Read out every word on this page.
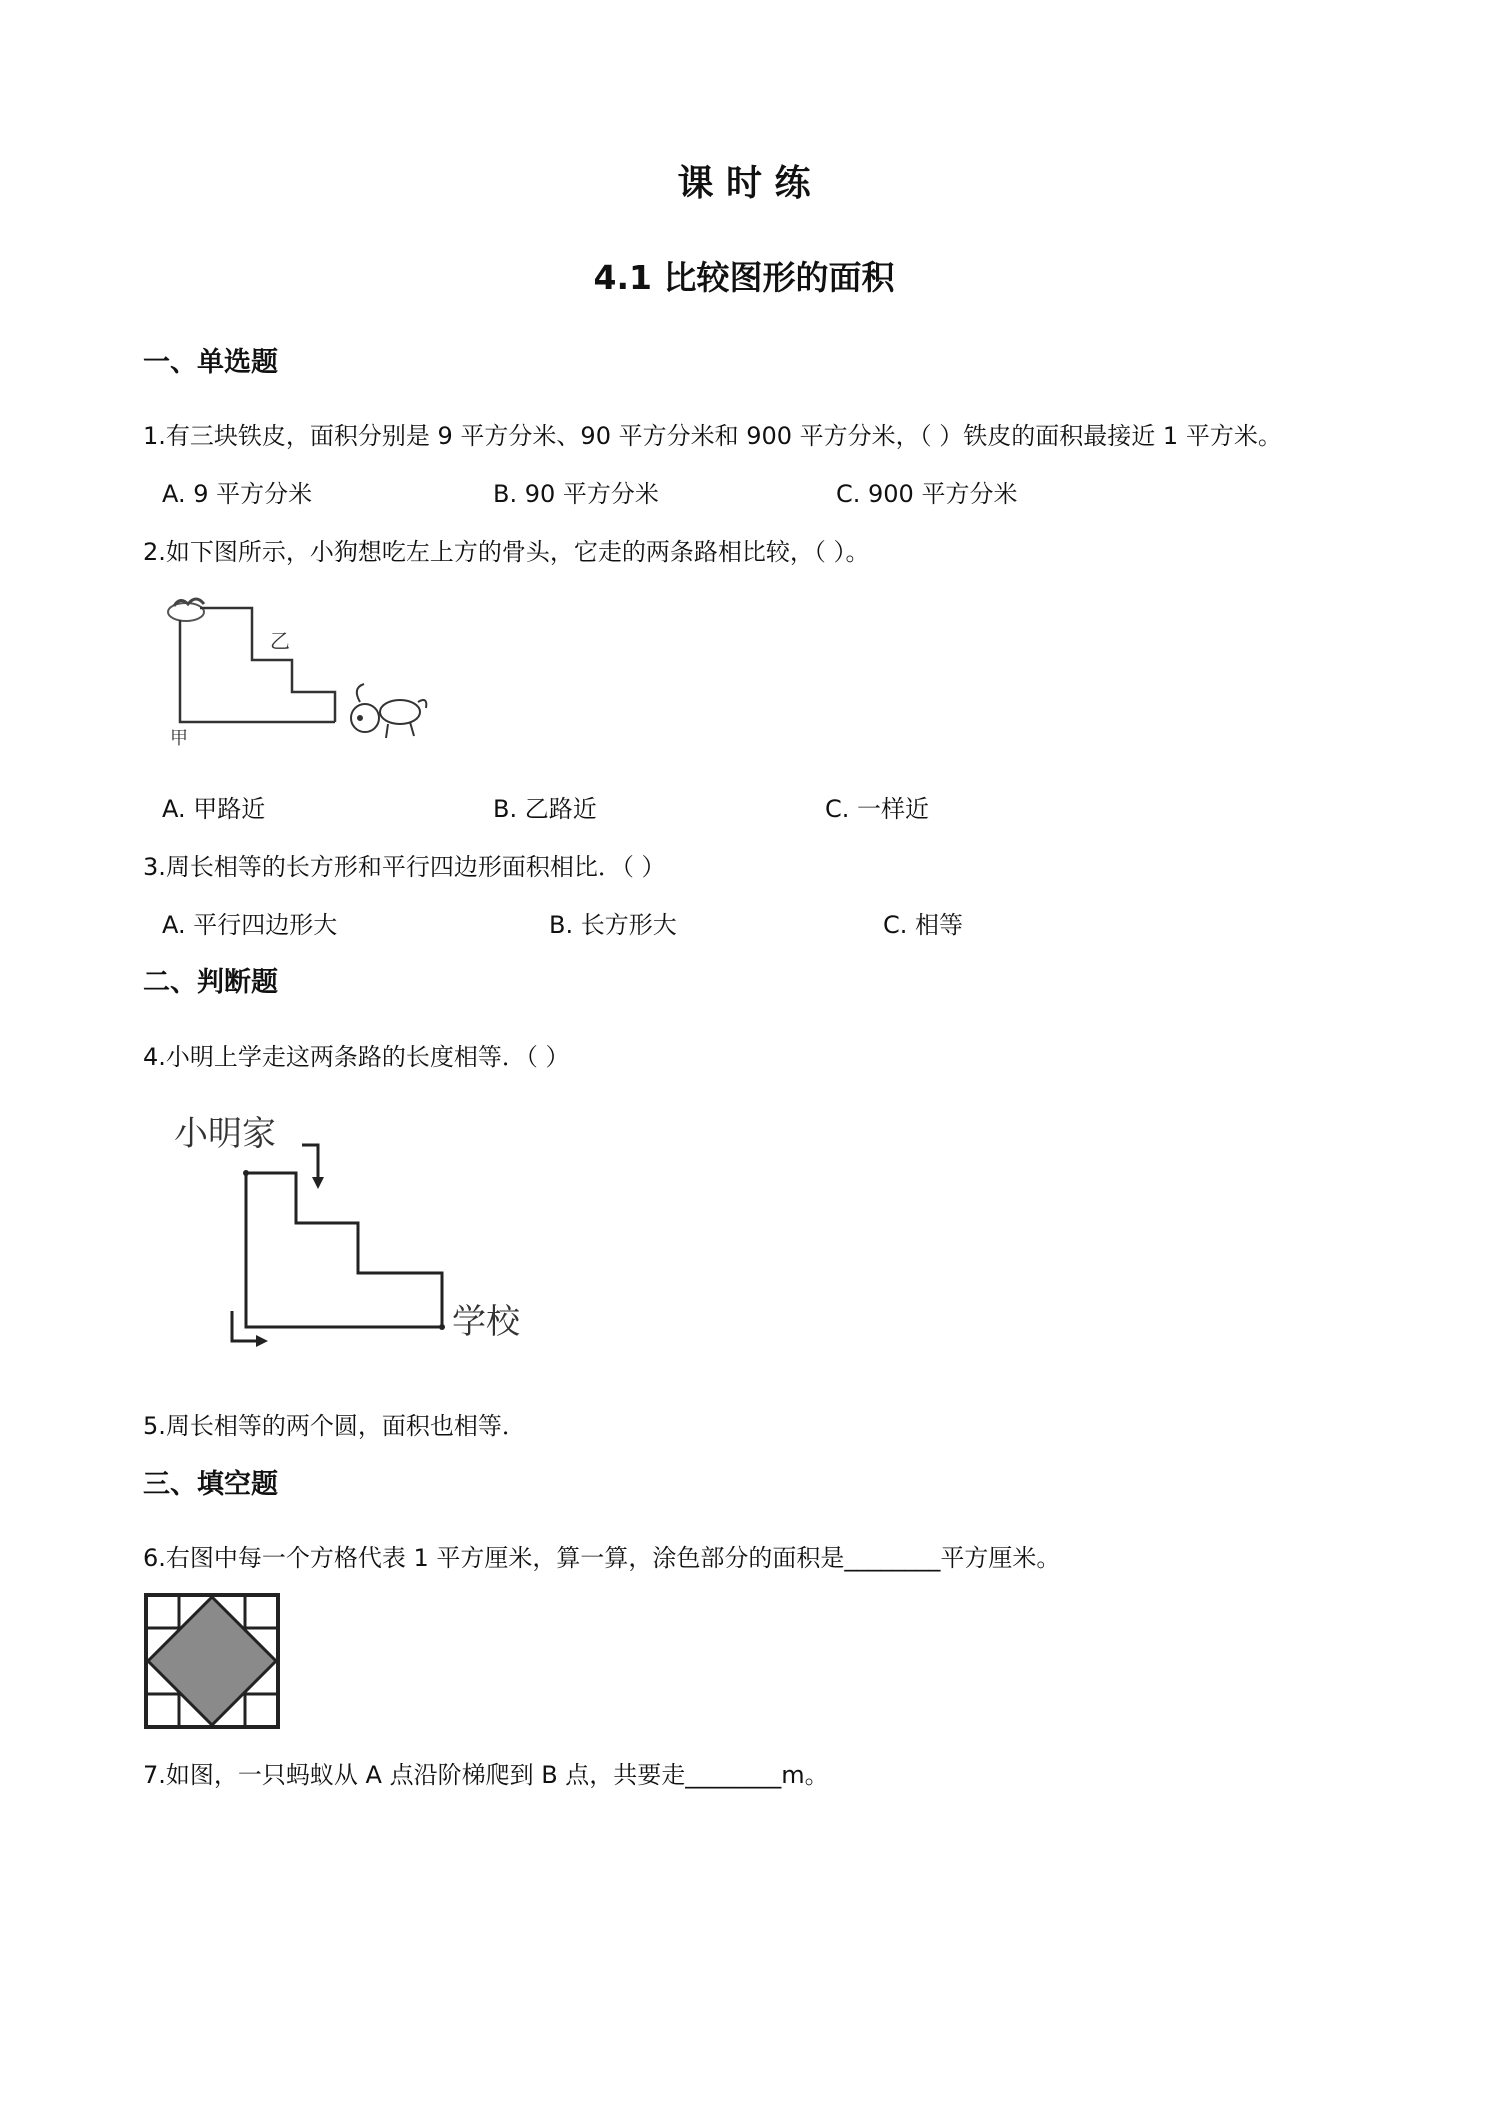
课 时 练
4.1 比较图形的面积
一、单选题
1.有三块铁皮，面积分别是 9 平方分米、90 平方分米和 900 平方分米，（ ）铁皮的面积最接近 1 平方米。
A. 9 平方分米	B. 90 平方分米	C. 900 平方分米
2.如下图所示，小狗想吃左上方的骨头，它走的两条路相比较，（ ）。
乙
甲
A. 甲路近	B. 乙路近	C. 一样近
3.周长相等的长方形和平行四边形面积相比．（ ）
A. 平行四边形大	B. 长方形大	C. 相等
二、判断题
4.小明上学走这两条路的长度相等．（ ）
小明家
学校
5.周长相等的两个圆，面积也相等．
三、填空题
6.右图中每一个方格代表 1 平方厘米，算一算，涂色部分的面积是________平方厘米。
7.如图，一只蚂蚁从 A 点沿阶梯爬到 B 点，共要走________m。
